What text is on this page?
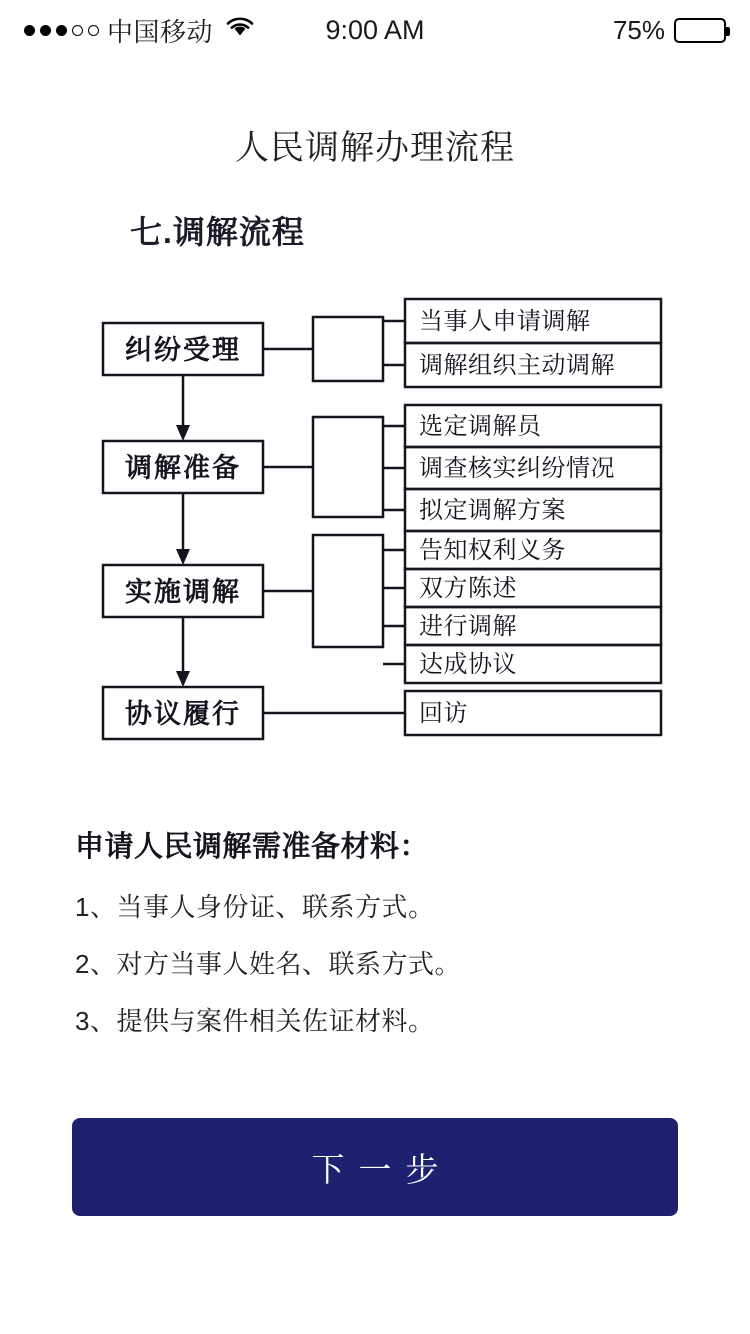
中国移动	9:00 AM	75%
人民调解办理流程
七.调解流程
纠纷受理
调解准备
实施调解
协议履行
当事人申请调解
调解组织主动调解
选定调解员
调查核实纠纷情况
拟定调解方案
告知权利义务
双方陈述
进行调解
达成协议
回访
申请人民调解需准备材料：
1、当事人身份证、联系方式。
2、对方当事人姓名、联系方式。
3、提供与案件相关佐证材料。
下一步
